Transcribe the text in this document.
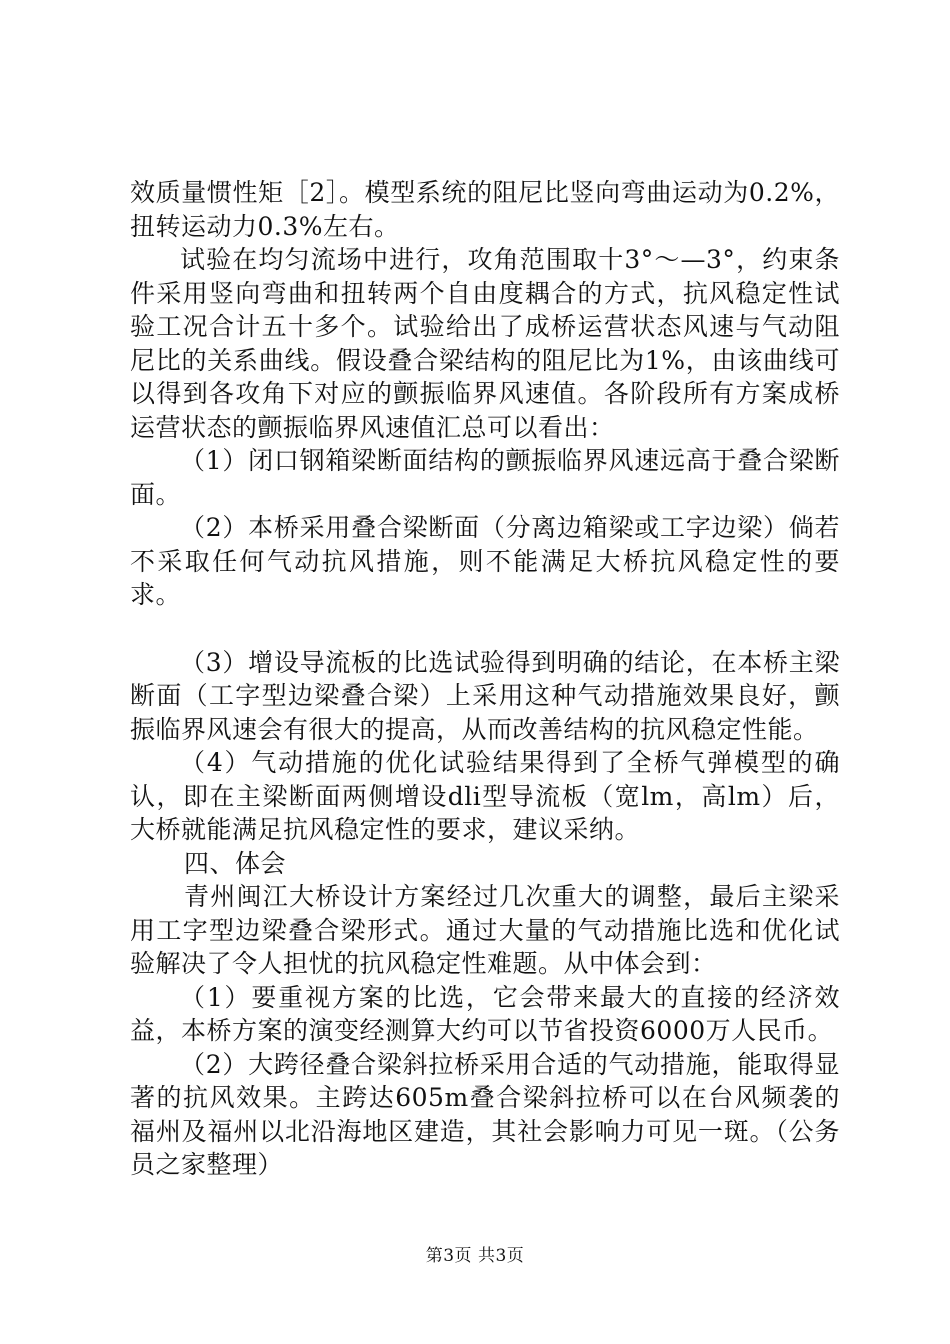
效质量惯性矩［2］。模型系统的阻尼比竖向弯曲运动为0.2%，扭转运动力0.3%左右。

试验在均匀流场中进行，攻角范围取十3°～—3°，约束条件采用竖向弯曲和扭转两个自由度耦合的方式，抗风稳定性试验工况合计五十多个。试验给出了成桥运营状态风速与气动阻尼比的关系曲线。假设叠合梁结构的阻尼比为1%，由该曲线可以得到各攻角下对应的颤振临界风速值。各阶段所有方案成桥运营状态的颤振临界风速值汇总可以看出：

（1）闭口钢箱梁断面结构的颤振临界风速远高于叠合梁断面。

（2）本桥采用叠合梁断面（分离边箱梁或工字边梁）倘若不采取任何气动抗风措施，则不能满足大桥抗风稳定性的要求。

（3）增设导流板的比选试验得到明确的结论，在本桥主梁断面（工字型边梁叠合梁）上采用这种气动措施效果良好，颤振临界风速会有很大的提高，从而改善结构的抗风稳定性能。

（4）气动措施的优化试验结果得到了全桥气弹模型的确认，即在主梁断面两侧增设dli型导流板（宽lm，高lm）后，大桥就能满足抗风稳定性的要求，建议采纳。

四、体会

青州闽江大桥设计方案经过几次重大的调整，最后主梁采用工字型边梁叠合梁形式。通过大量的气动措施比选和优化试验解决了令人担忧的抗风稳定性难题。从中体会到：

（1）要重视方案的比选，它会带来最大的直接的经济效益，本桥方案的演变经测算大约可以节省投资6000万人民币。

（2）大跨径叠合梁斜拉桥采用合适的气动措施，能取得显著的抗风效果。主跨达605m叠合梁斜拉桥可以在台风频袭的福州及福州以北沿海地区建造，其社会影响力可见一斑。（公务员之家整理）

第3页 共3页
